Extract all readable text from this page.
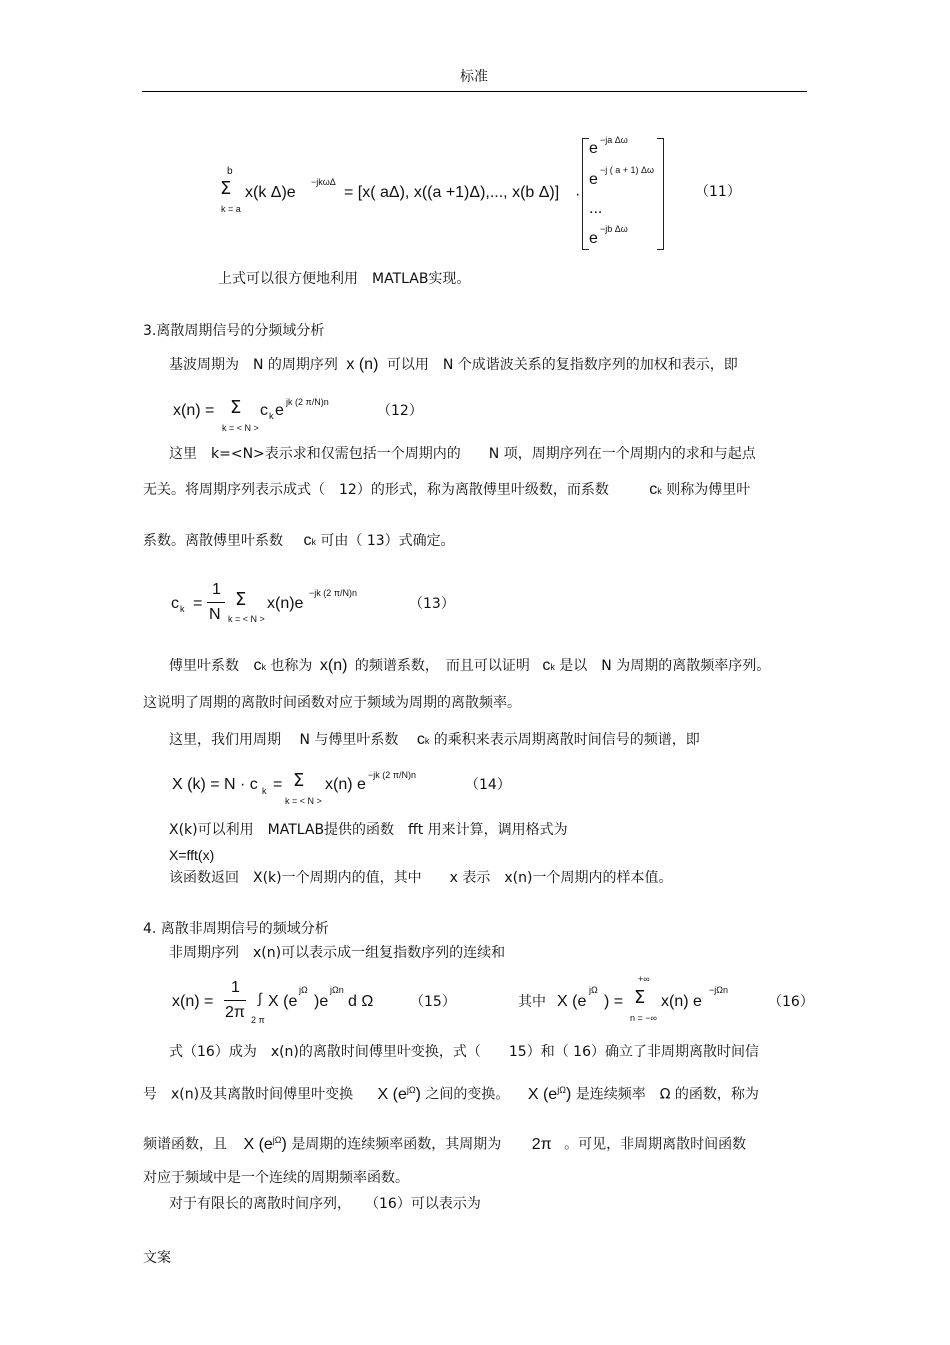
标准
b
Σ
k = a
x(k Δ)e
−jkωΔ
= [x( aΔ), x((a +1)Δ),..., x(b Δ)] ·
e −ja Δω
e
−j ( a + 1) Δω
...
e
−jb Δω
（11）
上式可以很方便地利用　MATLAB实现。
3.离散周期信号的分频域分析
基波周期为　N 的周期序列 x (n) 可以用　N 个成谐波关系的复指数序列的加权和表示，即
x(n) = Σ
k = < N >
c k e jk (2 π/N)n
（12）
这里　k=<N>表示求和仅需包括一个周期内的　　N 项，周期序列在一个周期内的求和与起点
无关。将周期序列表示成式（　12）的形式，称为离散傅里叶级数，而系数	ck 则称为傅里叶
系数。离散傅里叶系数 ck 可由（ 13）式确定。
c k =
1
N
Σ
k = < N >
x(n)e
−jk (2 π/N)n
（13）
傅里叶系数 ck 也称为 x(n) 的频谱系数，　而且可以证明 ck 是以　N 为周期的离散频率序列。
这说明了周期的离散时间函数对应于频域为周期的离散频率。
这里，我们用周期　 N 与傅里叶系数 ck 的乘积来表示周期离散时间信号的频谱，即
X (k) = N · c k = Σ
k = < N >
x(n) e
−jk (2 π/N)n
（14）
X(k)可以利用　MATLAB提供的函数　fft 用来计算，调用格式为
X=fft(x)
该函数返回　X(k)一个周期内的值，其中　　x 表示　x(n)一个周期内的样本值。
4. 离散非周期信号的频域分析
非周期序列　x(n)可以表示成一组复指数序列的连续和
x(n) =
1
2π
∫
2 π
X (e
jΩ
)e
jΩn
d Ω	（15）	其中 X (e
jΩ
) =
+∞
Σ
n = −∞
x(n) e
−jΩn
（16）
式（16）成为　x(n)的离散时间傅里叶变换，式（　　15）和（ 16）确立了非周期离散时间信
号　x(n)及其离散时间傅里叶变换 X $(e^{j\Omega})$ 之间的变换。 X $(e^{j\Omega})$ 是连续频率　Ω 的函数，称为
频谱函数，且 X $(e^{j\Omega})$ 是周期的连续频率函数，其周期为 2π 。可见，非周期离散时间函数
对应于频域中是一个连续的周期频率函数。
对于有限长的离散时间序列，　　（16）可以表示为
文案
